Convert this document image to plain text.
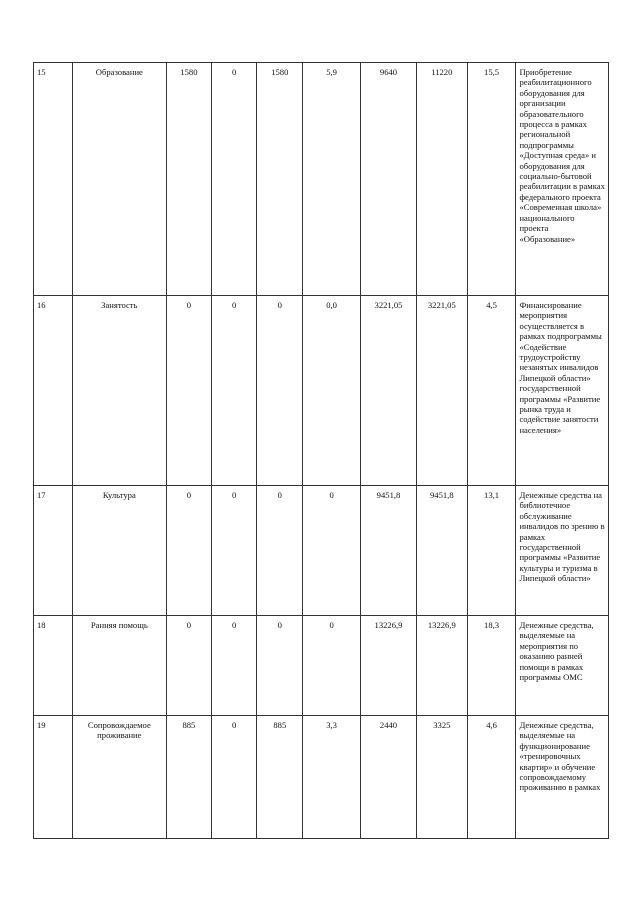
15	Образование	1580	0	1580	5,9	9640	11220	15,5	Приобретение реабилитационного оборудования для организации образовательного процесса в рамках региональной подпрограммы «Доступная среда» и оборудования для социально-бытовой реабилитации в рамках федерального проекта «Современная школа» национального проекта «Образование»
16	Занятость	0	0	0	0,0	3221,05	3221,05	4,5	Финансирование мероприятия осуществляется в рамках подпрограммы «Содействие трудоустройству незанятых инвалидов Липецкой области» государственной программы «Развитие рынка труда и содействие занятости населения»
17	Культура	0	0	0	0	9451,8	9451,8	13,1	Денежные средства на библиотечное обслуживание инвалидов по зрению в рамках государственной программы «Развитие культуры и туризма в Липецкой области»
18	Ранняя помощь	0	0	0	0	13226,9	13226,9	18,3	Денежные средства, выделяемые на мероприятия по оказанию ранней помощи в рамках программы ОМС
19	Сопровождаемое проживание	885	0	885	3,3	2440	3325	4,6	Денежные средства, выделяемые на функционирование «тренировочных квартир» и обучение сопровождаемому проживанию в рамках
